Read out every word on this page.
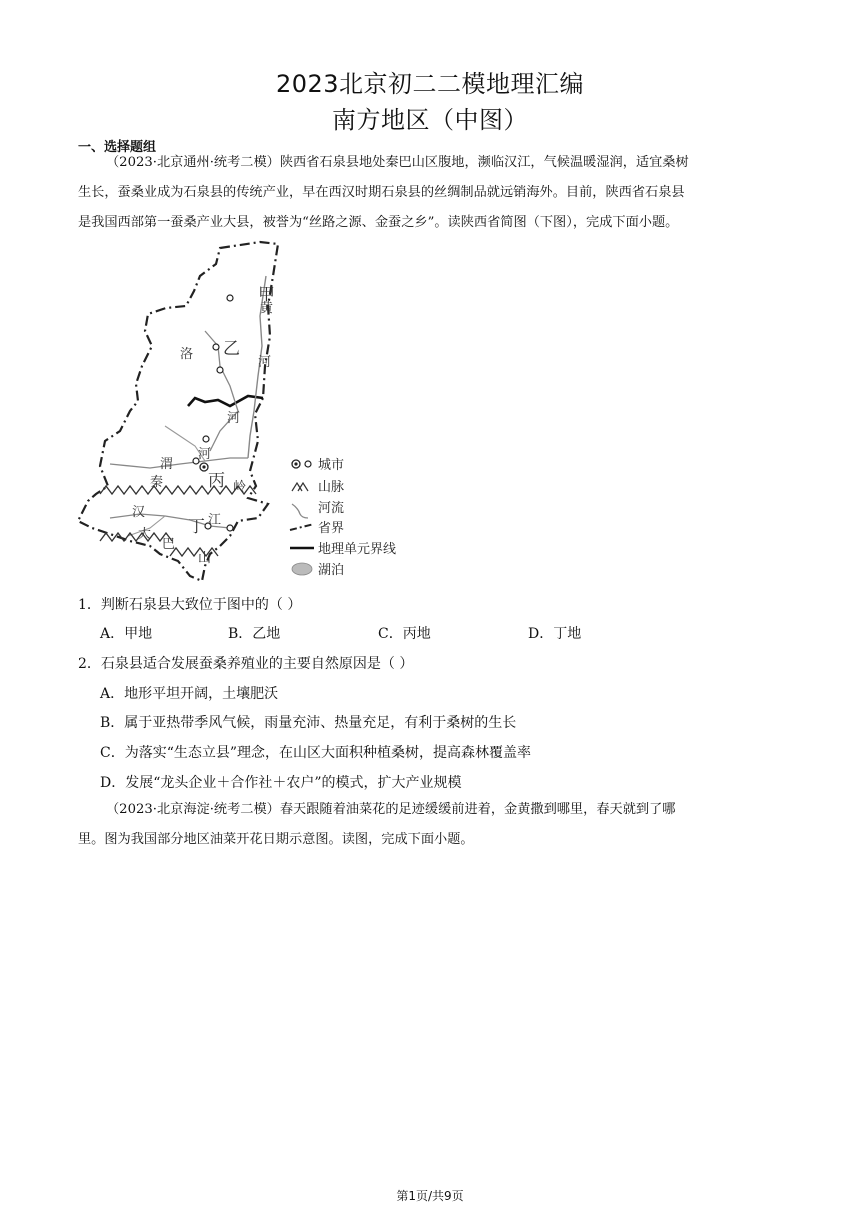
2023北京初二二模地理汇编
南方地区（中图）
一、选择题组
（2023·北京通州·统考二模）陕西省石泉县地处秦巴山区腹地，濒临汉江，气候温暖湿润，适宜桑树
生长，蚕桑业成为石泉县的传统产业，早在西汉时期石泉县的丝绸制品就远销海外。目前，陕西省石泉县
是我国西部第一蚕桑产业大县，被誉为“丝路之源、金蚕之乡”。读陕西省简图（下图），完成下面小题。
甲
黄
乙
洛
河
河
河
渭
丙
秦	岭
汉
丁 江
大
巴
山
城市
山脉
河流
省界
地理单元界线
湖泊
1．判断石泉县大致位于图中的（ ）
A．甲地	B．乙地	C．丙地	D．丁地
2．石泉县适合发展蚕桑养殖业的主要自然原因是（ ）
A．地形平坦开阔，土壤肥沃
B．属于亚热带季风气候，雨量充沛、热量充足，有利于桑树的生长
C．为落实“生态立县”理念，在山区大面积种植桑树，提高森林覆盖率
D．发展“龙头企业＋合作社＋农户”的模式，扩大产业规模
（2023·北京海淀·统考二模）春天跟随着油菜花的足迹缓缓前进着，金黄撒到哪里，春天就到了哪
里。图为我国部分地区油菜开花日期示意图。读图，完成下面小题。
第1页/共9页
